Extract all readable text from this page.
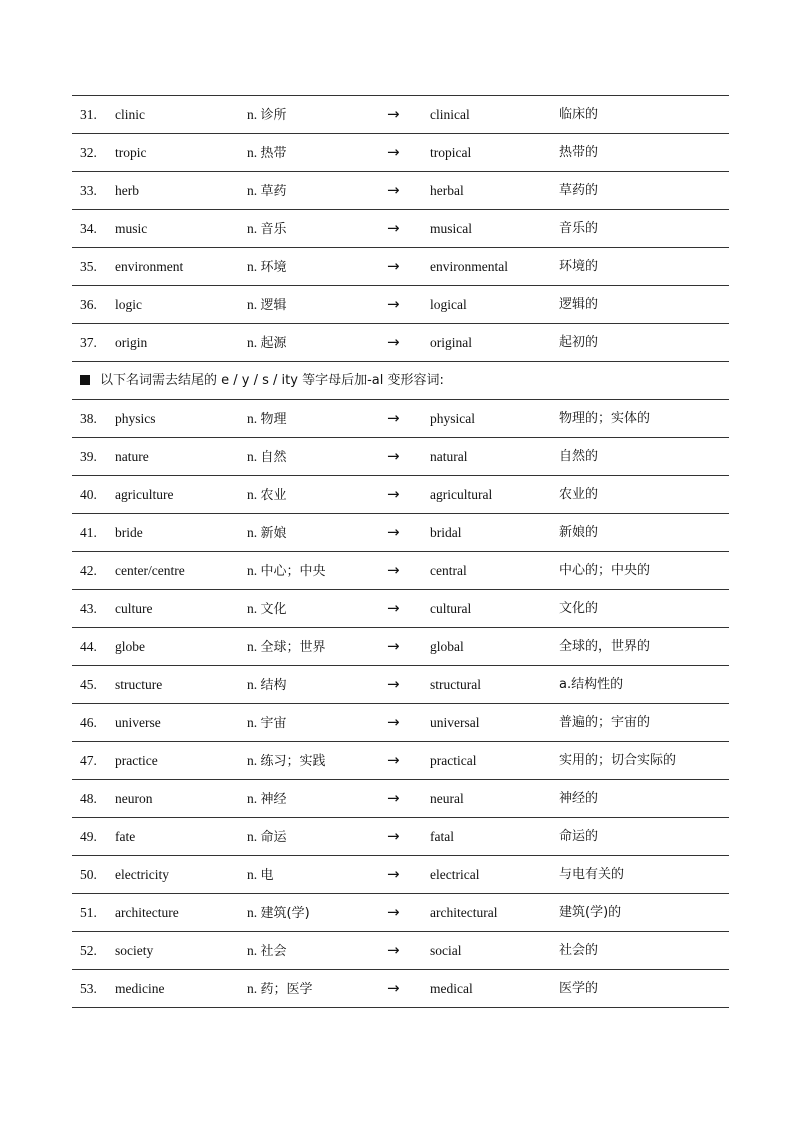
31. clinic	n. 诊所	→ clinical	临床的
32. tropic	n. 热带	→ tropical	热带的
33. herb	n. 草药	→ herbal	草药的
34. music	n. 音乐	→ musical	音乐的
35. environment	n. 环境	→ environmental	环境的
36. logic	n. 逻辑	→ logical	逻辑的
37. origin	n. 起源	→ original	起初的
以下名词需去结尾的 e / y / s / ity 等字母后加-al 变形容词:
38. physics	n. 物理	→ physical	物理的；实体的
39. nature	n. 自然	→ natural	自然的
40. agriculture	n. 农业	→ agricultural	农业的
41. bride	n. 新娘	→ bridal	新娘的
42. center/centre	n. 中心；中央	→ central	中心的；中央的
43. culture	n. 文化	→ cultural	文化的
44. globe	n. 全球；世界	→ global	全球的，世界的
45. structure	n. 结构	→ structural	a.结构性的
46. universe	n. 宇宙	→ universal	普遍的；宇宙的
47. practice	n. 练习；实践	→ practical	实用的；切合实际的
48. neuron	n. 神经	→ neural	神经的
49. fate	n. 命运	→ fatal	命运的
50. electricity	n. 电	→ electrical	与电有关的
51. architecture	n. 建筑(学)	→ architectural	建筑(学)的
52. society	n. 社会	→ social	社会的
53. medicine	n. 药；医学	→ medical	医学的
